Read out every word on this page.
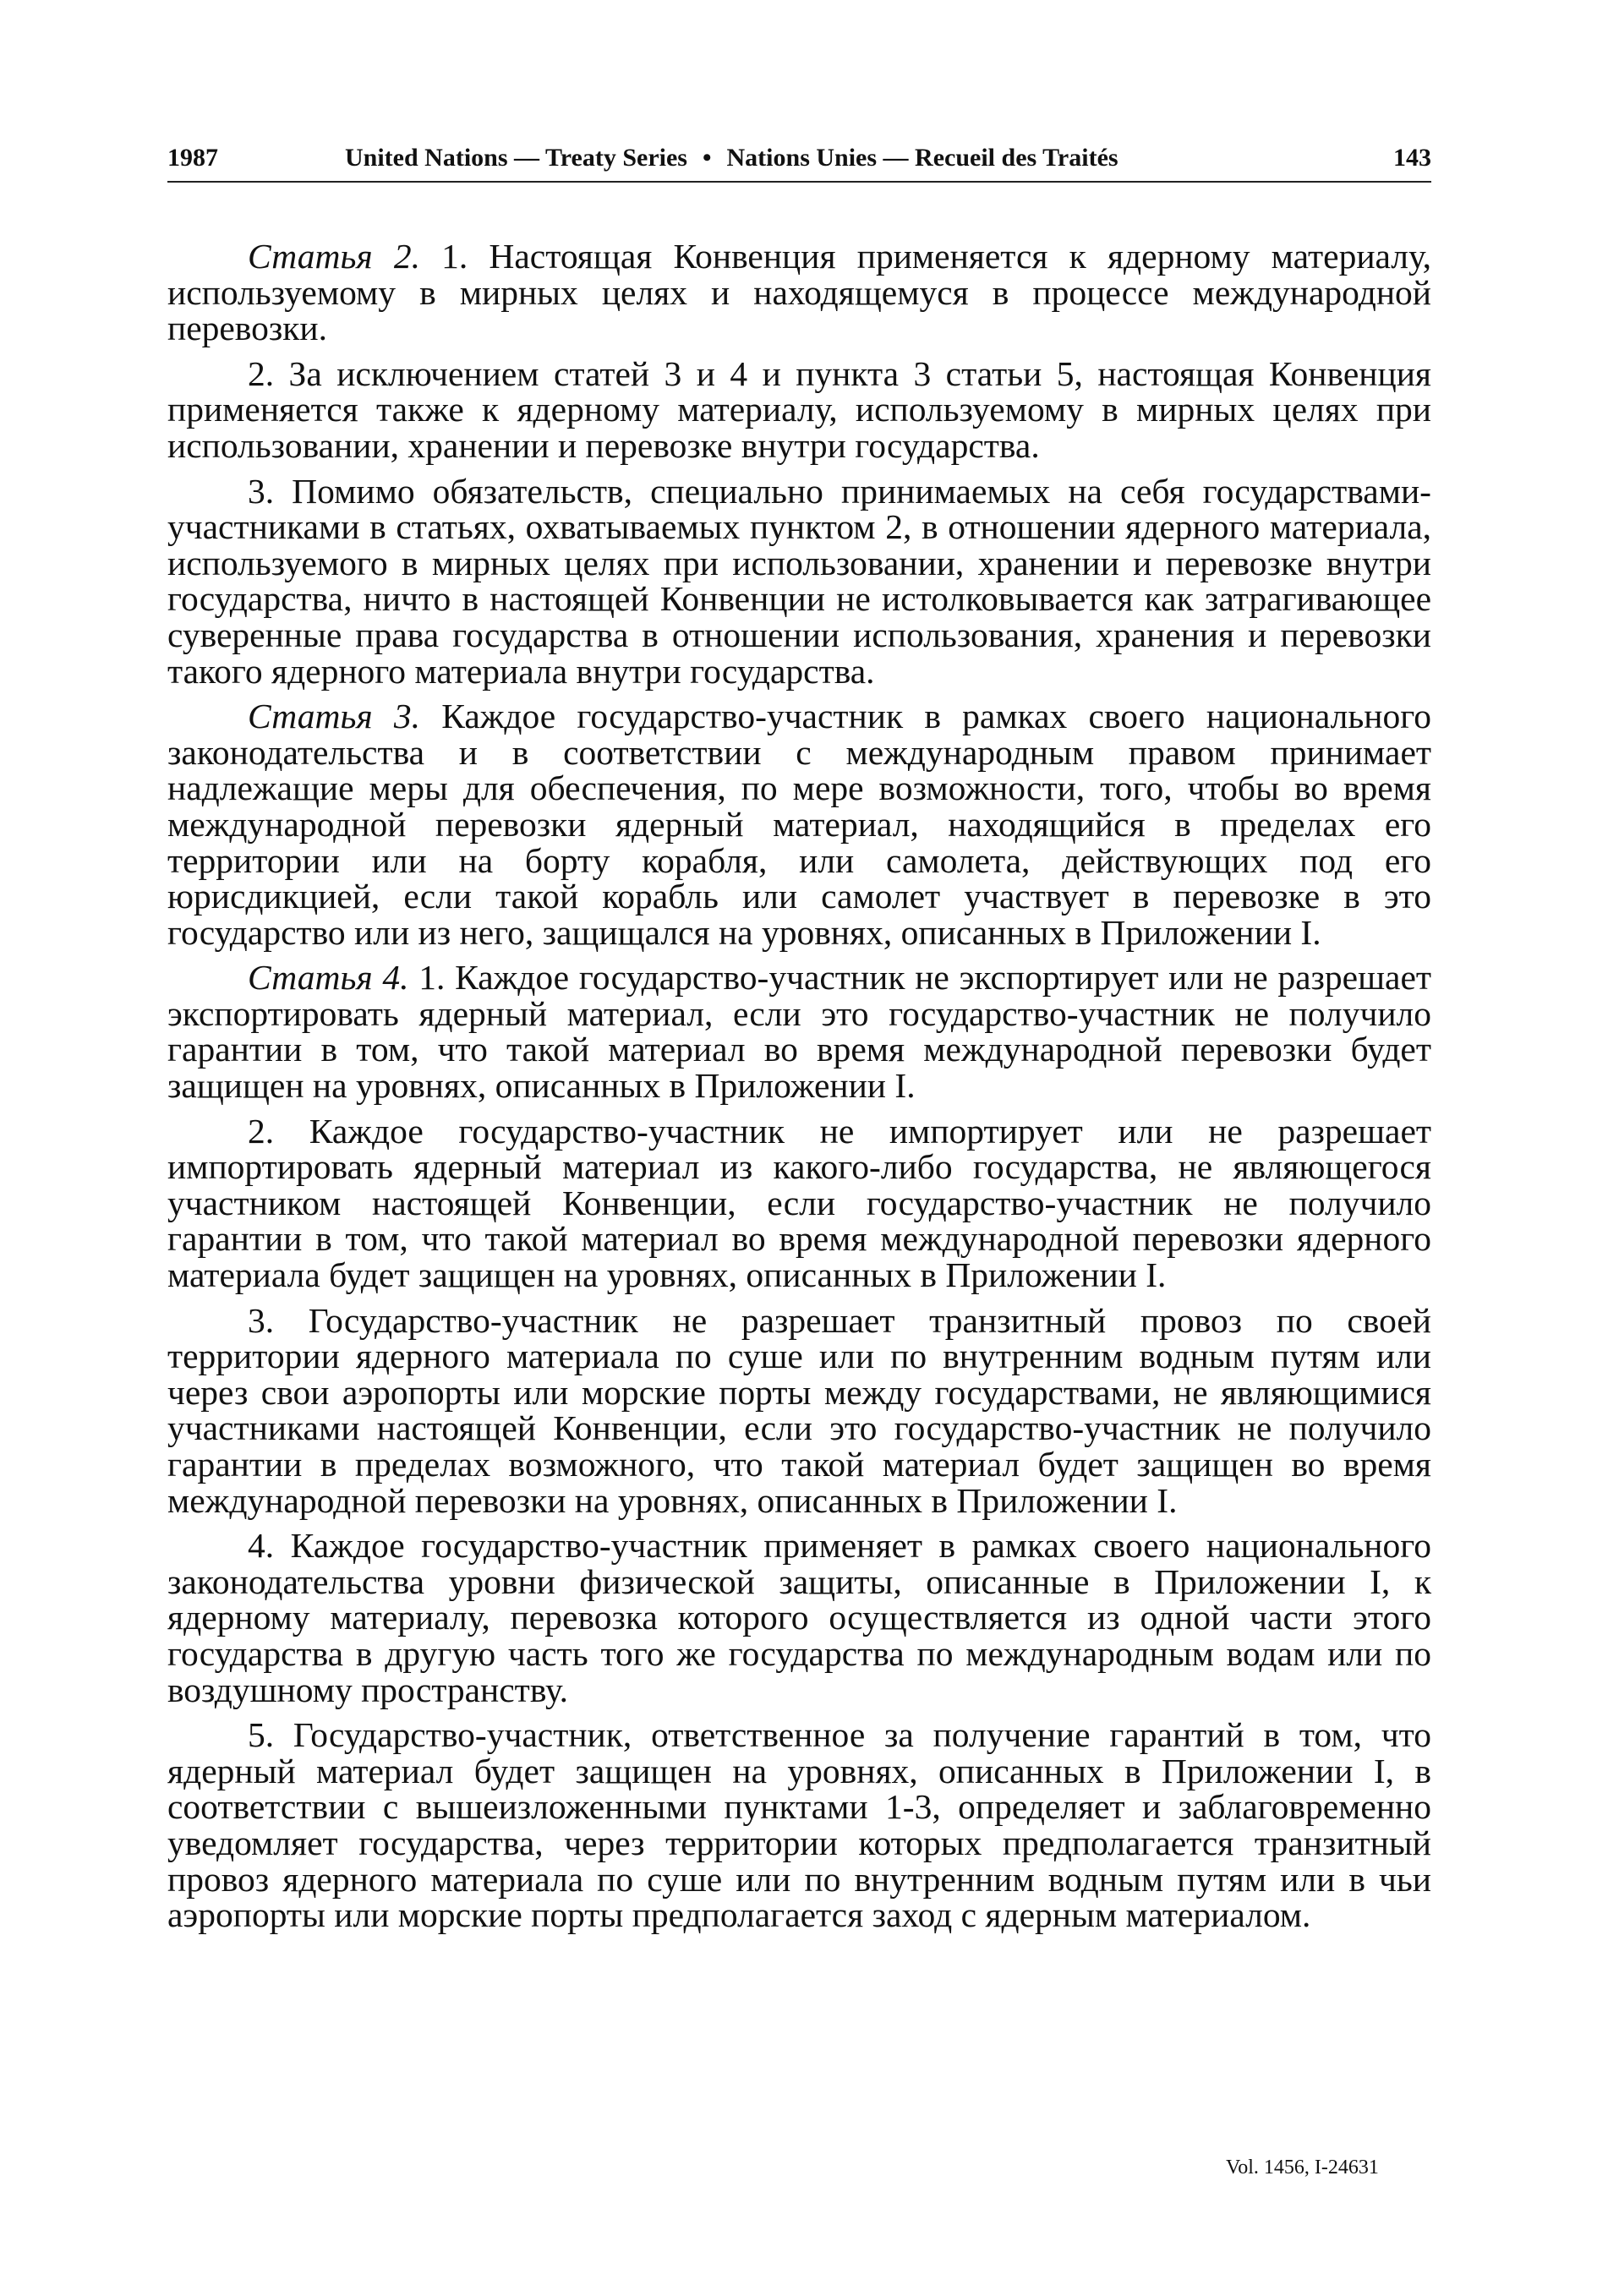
1987	United Nations — Treaty Series • Nations Unies — Recueil des Traités	143

Статья 2. 1. Настоящая Конвенция применяется к ядерному материалу, используемому в мирных целях и находящемуся в процессе международной перевозки.

2. За исключением статей 3 и 4 и пункта 3 статьи 5, настоящая Конвенция применяется также к ядерному материалу, используемому в мирных целях при использовании, хранении и перевозке внутри государства.

3. Помимо обязательств, специально принимаемых на себя государствами-участниками в статьях, охватываемых пунктом 2, в отношении ядерного материала, используемого в мирных целях при использовании, хранении и перевозке внутри государства, ничто в настоящей Конвенции не истолковывается как затрагивающее суверенные права государства в отношении использования, хранения и перевозки такого ядерного материала внутри государства.

Статья 3. Каждое государство-участник в рамках своего национального законодательства и в соответствии с международным правом принимает надлежащие меры для обеспечения, по мере возможности, того, чтобы во время международной перевозки ядерный материал, находящийся в пределах его территории или на борту корабля, или самолета, действующих под его юрисдикцией, если такой корабль или самолет участвует в перевозке в это государство или из него, защищался на уровнях, описанных в Приложении I.

Статья 4. 1. Каждое государство-участник не экспортирует или не разрешает экспортировать ядерный материал, если это государство-участник не получило гарантии в том, что такой материал во время международной перевозки будет защищен на уровнях, описанных в Приложении I.

2. Каждое государство-участник не импортирует или не разрешает импортировать ядерный материал из какого-либо государства, не являющегося участником настоящей Конвенции, если государство-участник не получило гарантии в том, что такой материал во время международной перевозки ядерного материала будет защищен на уровнях, описанных в Приложении I.

3. Государство-участник не разрешает транзитный провоз по своей территории ядерного материала по суше или по внутренним водным путям или через свои аэропорты или морские порты между государствами, не являющимися участниками настоящей Конвенции, если это государство-участник не получило гарантии в пределах возможного, что такой материал будет защищен во время международной перевозки на уровнях, описанных в Приложении I.

4. Каждое государство-участник применяет в рамках своего национального законодательства уровни физической защиты, описанные в Приложении I, к ядерному материалу, перевозка которого осуществляется из одной части этого государства в другую часть того же государства по международным водам или по воздушному пространству.

5. Государство-участник, ответственное за получение гарантий в том, что ядерный материал будет защищен на уровнях, описанных в Приложении I, в соответствии с вышеизложенными пунктами 1-3, определяет и заблаговременно уведомляет государства, через территории которых предполагается транзитный провоз ядерного материала по суше или по внутренним водным путям или в чьи аэропорты или морские порты предполагается заход с ядерным материалом.

Vol. 1456, I-24631
